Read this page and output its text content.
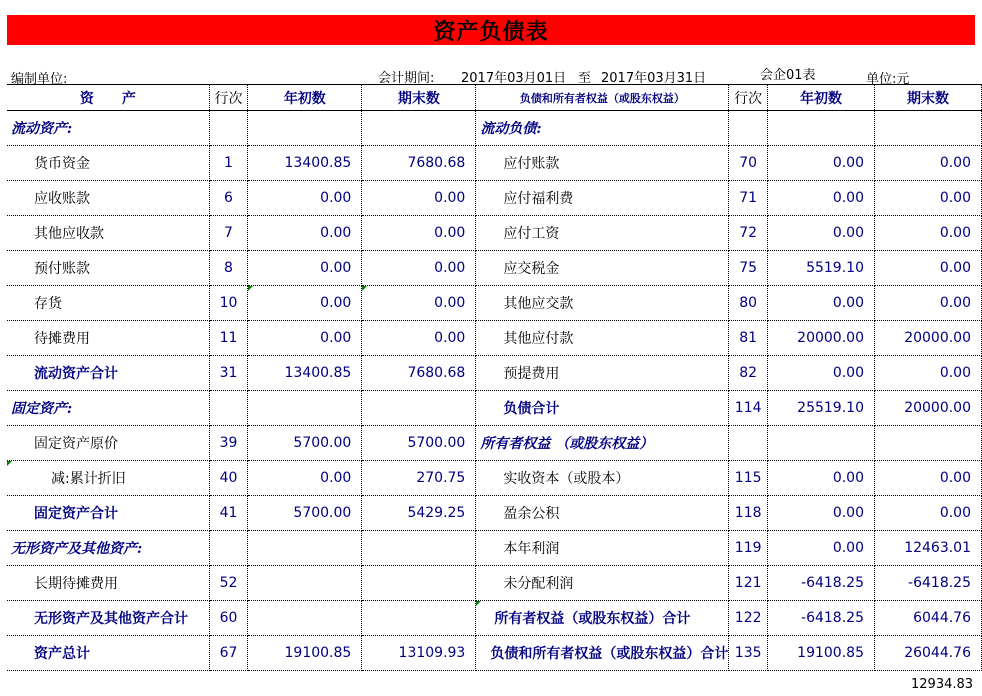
资产负债表
编制单位:	会计期间: 2017年03月01日 至 2017年03月31日	会企01表	单位:元
资　　产	行次	年初数	期末数	负债和所有者权益（或股东权益）	行次	年初数	期末数
流动资产:				流动负债:			
货币资金	1	13400.85	7680.68	应付账款	70	0.00	0.00
应收账款	6	0.00	0.00	应付福利费	71	0.00	0.00
其他应收款	7	0.00	0.00	应付工资	72	0.00	0.00
预付账款	8	0.00	0.00	应交税金	75	5519.10	0.00
存货	10	0.00	0.00	其他应交款	80	0.00	0.00
待摊费用	11	0.00	0.00	其他应付款	81	20000.00	20000.00
流动资产合计	31	13400.85	7680.68	预提费用	82	0.00	0.00
固定资产:				负债合计	114	25519.10	20000.00
固定资产原价	39	5700.00	5700.00	所有者权益 （或股东权益）			
减:累计折旧	40	0.00	270.75	实收资本（或股本）	115	0.00	0.00
固定资产合计	41	5700.00	5429.25	盈余公积	118	0.00	0.00
无形资产及其他资产:				本年利润	119	0.00	12463.01
长期待摊费用	52			未分配利润	121	-6418.25	-6418.25
无形资产及其他资产合计	60			所有者权益（或股东权益）合计	122	-6418.25	6044.76
资产总计	67	19100.85	13109.93	负债和所有者权益（或股东权益）合计	135	19100.85	26044.76
12934.83
